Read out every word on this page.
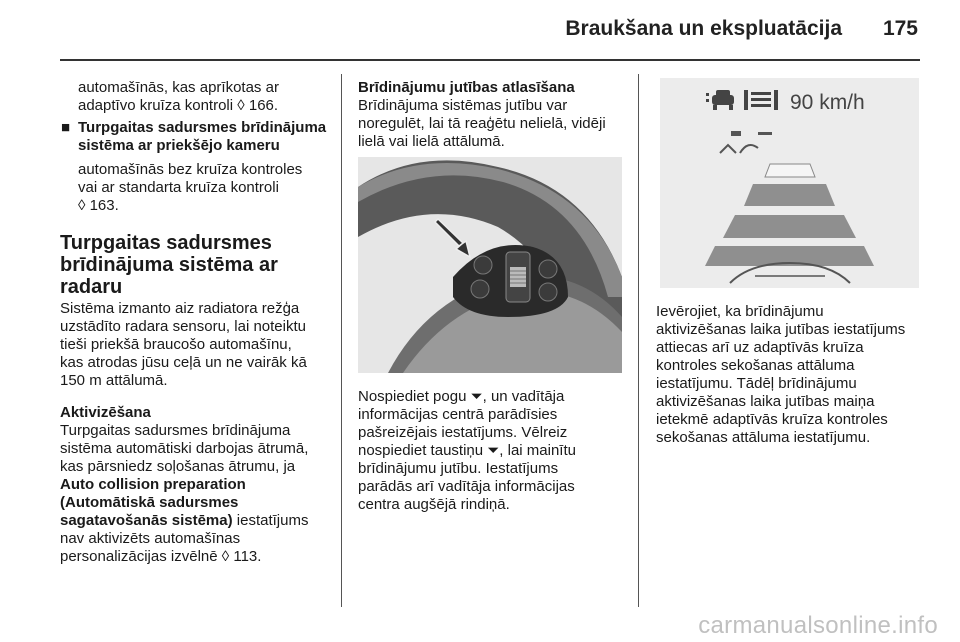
Braukšana un ekspluatācija 175

automašīnās, kas aprīkotas ar

adaptīvo kruīza kontroli ◊ 166.

■ Turpgaitas sadursmes brīdinājuma

sistēma ar priekšējo kameru

automašīnās bez kruīza kontroles

vai ar standarta kruīza kontroli

◊ 163.

Turpgaitas sadursmes

brīdinājuma sistēma ar radaru

Sistēma izmanto aiz radiatora režģa

uzstādīto radara sensoru, lai noteiktu

tieši priekšā braucošo automašīnu,

kas atrodas jūsu ceļā un ne vairāk kā

150 m attālumā.

Aktivizēšana

Turpgaitas sadursmes brīdinājuma

sistēma automātiski darbojas ātrumā,

kas pārsniedz soļošanas ātrumu, ja

Auto collision preparation

(Automātiskā sadursmes

sagatavošanās sistēma) iestatījums

nav aktivizēts automašīnas

personalizācijas izvēlnē ◊ 113.

Brīdinājumu jutības atlasīšana

Brīdinājuma sistēmas jutību var

noregulēt, lai tā reaģētu nelielā, vidēji

lielā vai lielā attālumā.

Nospiediet pogu ⏷, un vadītāja

informācijas centrā parādīsies

pašreizējais iestatījums. Vēlreiz

nospiediet taustiņu ⏷, lai mainītu

brīdinājumu jutību. Iestatījums

parādās arī vadītāja informācijas

centra augšējā rindiņā.

90 km/h

Ievērojiet, ka brīdinājumu

aktivizēšanas laika jutības iestatījums

attiecas arī uz adaptīvās kruīza

kontroles sekošanas attāluma

iestatījumu. Tādēļ brīdinājumu

aktivizēšanas laika jutības maiņa

ietekmē adaptīvās kruīza kontroles

sekošanas attāluma iestatījumu.

carmanualsonline.info
